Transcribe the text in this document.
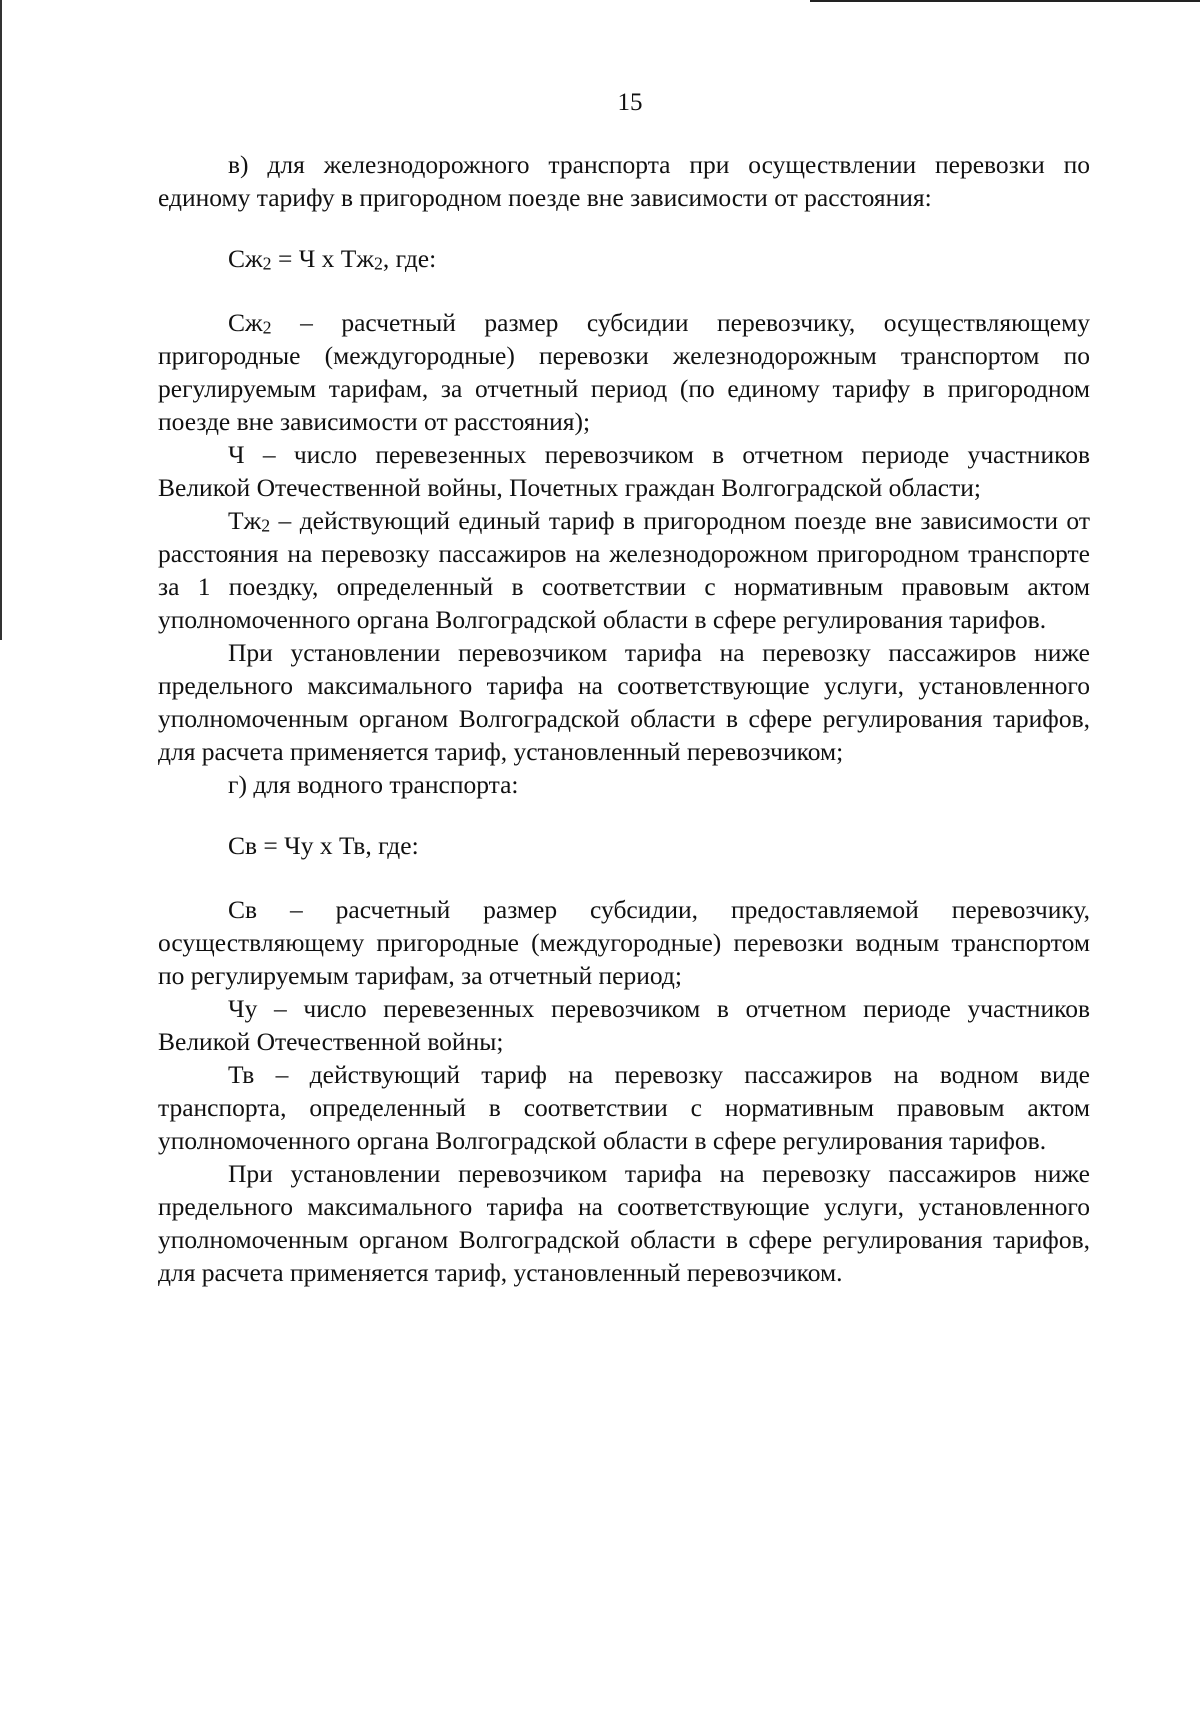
15

в) для железнодорожного транспорта при осуществлении перевозки по единому тарифу в пригородном поезде вне зависимости от расстояния:

Сж2 = Ч х Тж2, где:

Сж2 – расчетный размер субсидии перевозчику, осуществляющему пригородные (междугородные) перевозки железнодорожным транспортом по регулируемым тарифам, за отчетный период (по единому тарифу в пригородном поезде вне зависимости от расстояния);

Ч – число перевезенных перевозчиком в отчетном периоде участников Великой Отечественной войны, Почетных граждан Волгоградской области;

Тж2 – действующий единый тариф в пригородном поезде вне зависимости от расстояния на перевозку пассажиров на железнодорожном пригородном транспорте за 1 поездку, определенный в соответствии с нормативным правовым актом уполномоченного органа Волгоградской области в сфере регулирования тарифов.

При установлении перевозчиком тарифа на перевозку пассажиров ниже предельного максимального тарифа на соответствующие услуги, установленного уполномоченным органом Волгоградской области в сфере регулирования тарифов, для расчета применяется тариф, установленный перевозчиком;

г) для водного транспорта:

Св = Чу х Тв, где:

Св – расчетный размер субсидии, предоставляемой перевозчику, осуществляющему пригородные (междугородные) перевозки водным транспортом по регулируемым тарифам, за отчетный период;

Чу – число перевезенных перевозчиком в отчетном периоде участников Великой Отечественной войны;

Тв – действующий тариф на перевозку пассажиров на водном виде транспорта, определенный в соответствии с нормативным правовым актом уполномоченного органа Волгоградской области в сфере регулирования тарифов.

При установлении перевозчиком тарифа на перевозку пассажиров ниже предельного максимального тарифа на соответствующие услуги, установленного уполномоченным органом Волгоградской области в сфере регулирования тарифов, для расчета применяется тариф, установленный перевозчиком.
